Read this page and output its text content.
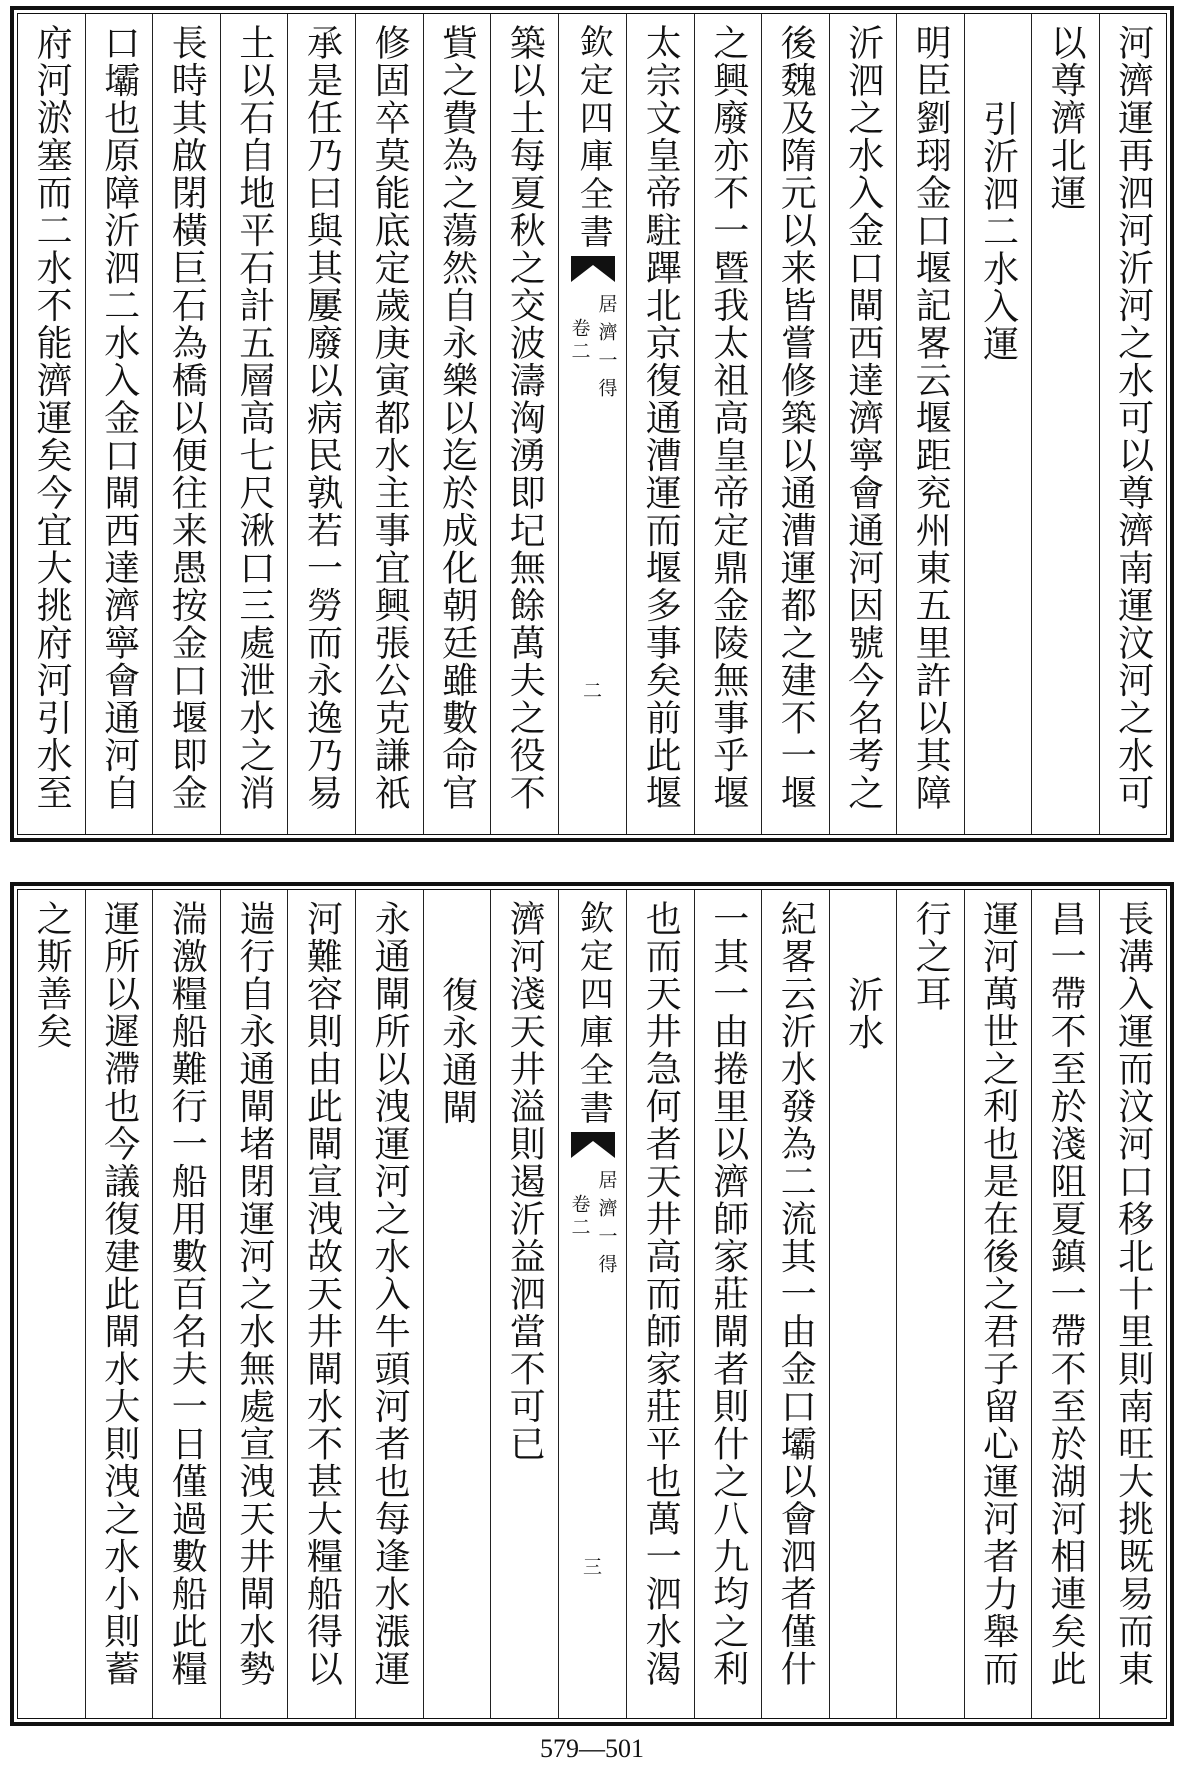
河濟運再泗河沂河之水可以尊濟南運汶河之水可
以尊濟北運
引沂泗二水入運
明臣劉珝金口堰記畧云堰距兖州東五里許以其障
沂泗之水入金口閘西達濟寧會通河因號今名考之
後魏及隋元以来皆嘗修築以通漕運都之建不一堰
之興廢亦不一暨我太祖高皇帝定鼎金陵無事乎堰
太宗文皇帝駐蹕北京復通漕運而堰多事矣前此堰
欽定四庫全書
居濟一得
卷二
二
築以土每夏秋之交波濤洶湧即圮無餘萬夫之役不
貲之費為之蕩然自永樂以迄於成化朝廷雖數命官
修固卒莫能底定歲庚寅都水主事宜興張公克謙祇
承是任乃曰與其屢廢以病民孰若一勞而永逸乃易
土以石自地平石計五層高七尺湫口三處泄水之消
長時其啟閉橫巨石為橋以便往来愚按金口堰即金
口壩也原障沂泗二水入金口閘西達濟寧會通河自
府河淤塞而二水不能濟運矣今宜大挑府河引水至
長溝入運而汶河口移北十里則南旺大挑既易而東
昌一帶不至於淺阻夏鎮一帶不至於湖河相連矣此
運河萬世之利也是在後之君子留心運河者力舉而
行之耳
沂水
紀畧云沂水發為二流其一由金口壩以會泗者僅什
一其一由捲里以濟師家莊閘者則什之八九均之利
也而天井急何者天井高而師家莊平也萬一泗水渴
欽定四庫全書
居濟一得
卷二
三
濟河淺天井溢則遏沂益泗當不可已
復永通閘
永通閘所以洩運河之水入牛頭河者也每逢水漲運
河難容則由此閘宣洩故天井閘水不甚大糧船得以
遄行自永通閘堵閉運河之水無處宣洩天井閘水勢
湍激糧船難行一船用數百名夫一日僅過數船此糧
運所以遲滯也今議復建此閘水大則洩之水小則蓄
之斯善矣
579—501
